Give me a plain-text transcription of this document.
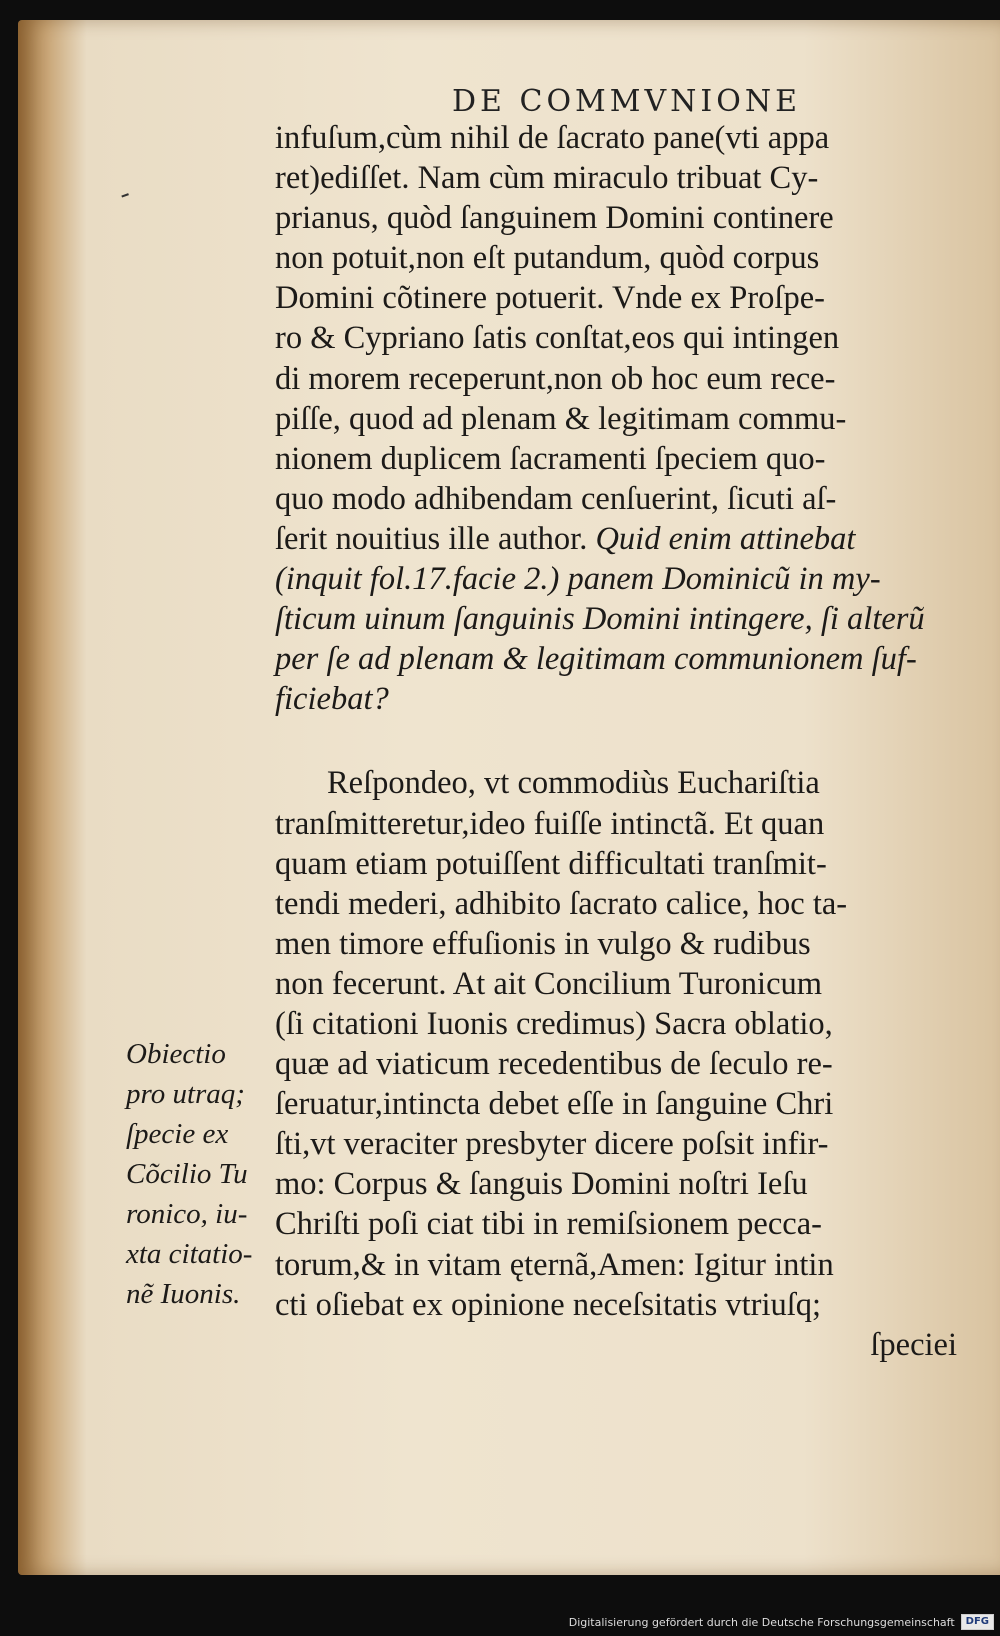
DE COMMVNIONE
-
infuſum,cùm nihil de ſacrato pane(vti appa
ret)ediſſet. Nam cùm miraculo tribuat Cy-
prianus, quòd ſanguinem Domini continere
non potuit,non eſt putandum, quòd corpus
Domini cõtinere potuerit. Vnde ex Proſpe-
ro & Cypriano ſatis conſtat,eos qui intingen
di morem receperunt,non ob hoc eum rece-
piſſe, quod ad plenam & legitimam commu-
nionem duplicem ſacramenti ſpeciem quo-
quo modo adhibendam cenſuerint, ſicuti aſ-
ſerit nouitius ille author. Quid enim attinebat
(inquit fol.17.facie 2.) panem Dominicũ in my-
ſticum uinum ſanguinis Domini intingere, ſi alterũ
per ſe ad plenam & legitimam communionem ſuf-
ficiebat?
Reſpondeo, vt commodiùs Euchariſtia
tranſmitteretur,ideo fuiſſe intinctã. Et quan
quam etiam potuiſſent difficultati tranſmit-
tendi mederi, adhibito ſacrato calice, hoc ta-
men timore effuſionis in vulgo & rudibus
non fecerunt. At ait Concilium Turonicum
(ſi citationi Iuonis credimus) Sacra oblatio,
quæ ad viaticum recedentibus de ſeculo re-
ſeruatur,intincta debet eſſe in ſanguine Chri
ſti,vt veraciter presbyter dicere poſsit infir-
mo: Corpus & ſanguis Domini noſtri Ieſu
Chriſti poſi ciat tibi in remiſsionem pecca-
torum,& in vitam ęternã,Amen: Igitur intin
cti oſiebat ex opinione neceſsitatis vtriuſq;
ſpeciei
Obiectio
pro utraq;
ſpecie ex
Cõcilio Tu
ronico, iu-
xta citatio-
nẽ Iuonis.
Digitalisierung gefördert durch die Deutsche Forschungsgemeinschaft	DFG
